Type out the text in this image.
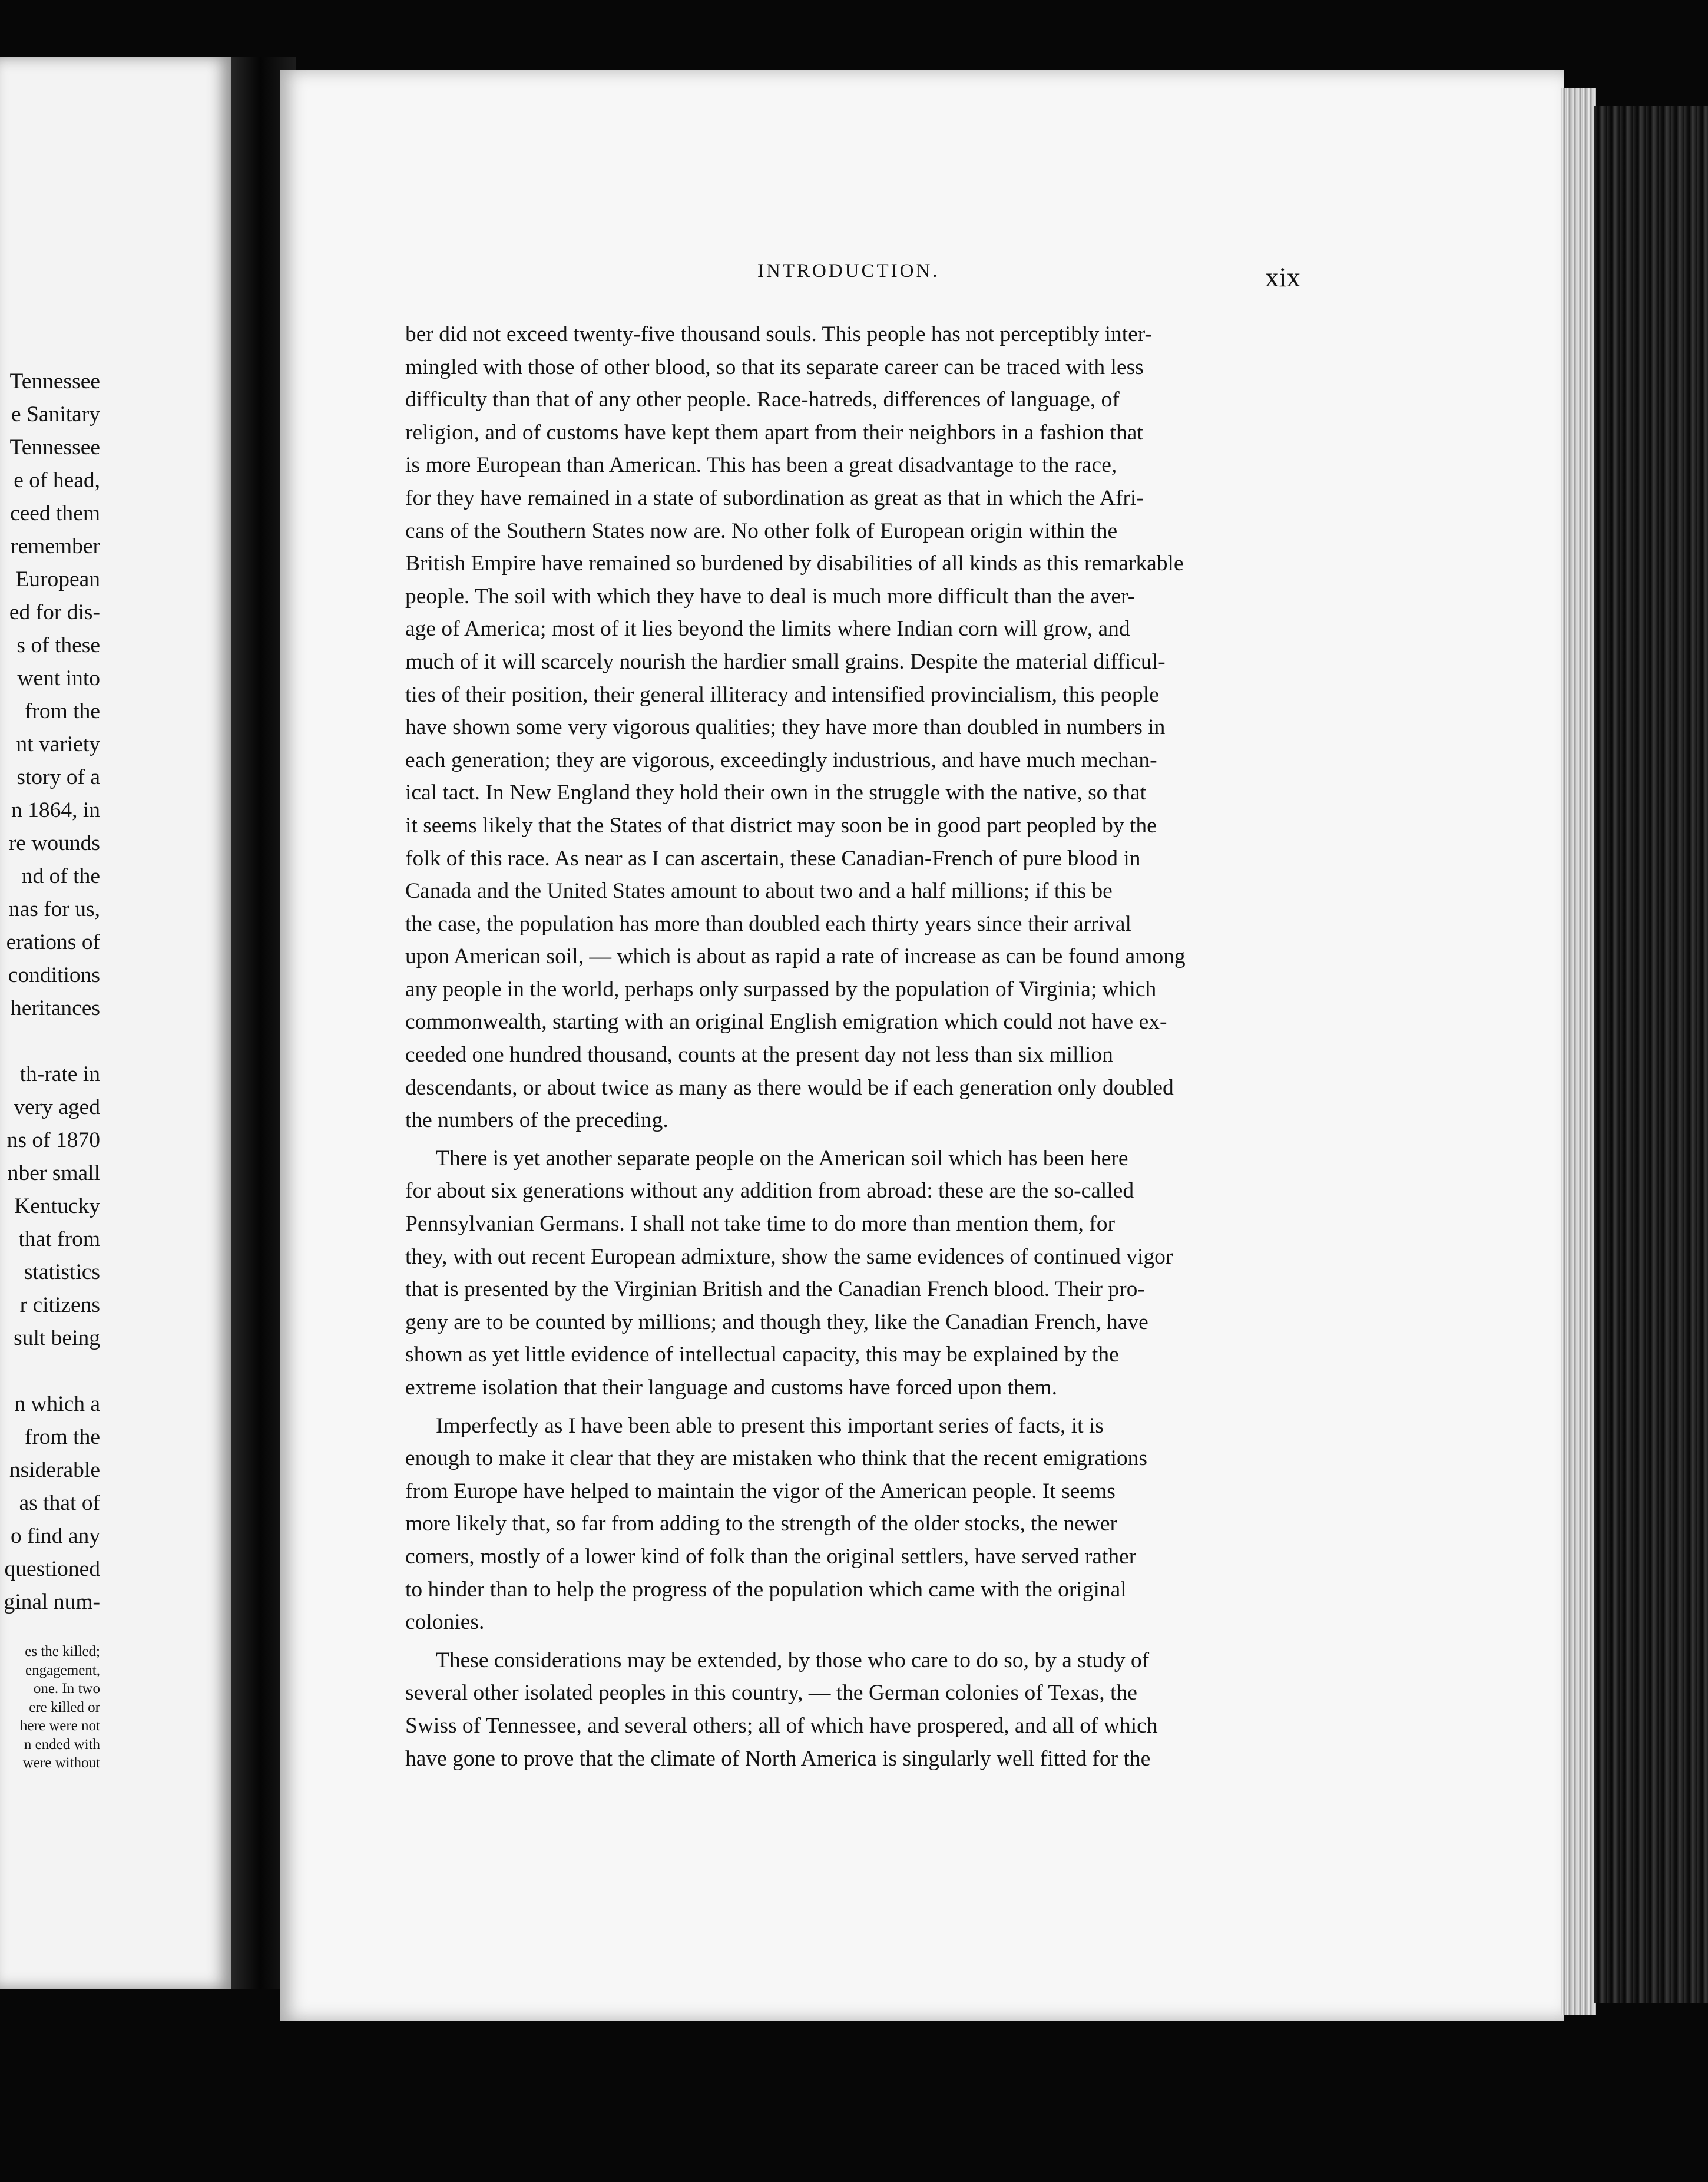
Tennessee
e Sanitary
Tennessee
e of head,
ceed them
remember
European
ed for dis-
s of these
went into
from the
nt variety
story of a
n 1864, in
re wounds
nd of the
nas for us,
erations of
conditions
heritances
th-rate in
very aged
ns of 1870
nber small
Kentucky
that from
statistics
r citizens
sult being
n which a
from the
nsiderable
as that of
o find any
questioned
ginal num-
es the killed;
engagement,
one. In two
ere killed or
here were not
n ended with
were without
INTRODUCTION.	xix
ber did not exceed twenty-five thousand souls. This people has not perceptibly inter-
mingled with those of other blood, so that its separate career can be traced with less
difficulty than that of any other people. Race-hatreds, differences of language, of
religion, and of customs have kept them apart from their neighbors in a fashion that
is more European than American. This has been a great disadvantage to the race,
for they have remained in a state of subordination as great as that in which the Afri-
cans of the Southern States now are. No other folk of European origin within the
British Empire have remained so burdened by disabilities of all kinds as this remarkable
people. The soil with which they have to deal is much more difficult than the aver-
age of America; most of it lies beyond the limits where Indian corn will grow, and
much of it will scarcely nourish the hardier small grains. Despite the material difficul-
ties of their position, their general illiteracy and intensified provincialism, this people
have shown some very vigorous qualities; they have more than doubled in numbers in
each generation; they are vigorous, exceedingly industrious, and have much mechan-
ical tact. In New England they hold their own in the struggle with the native, so that
it seems likely that the States of that district may soon be in good part peopled by the
folk of this race. As near as I can ascertain, these Canadian-French of pure blood in
Canada and the United States amount to about two and a half millions; if this be
the case, the population has more than doubled each thirty years since their arrival
upon American soil, — which is about as rapid a rate of increase as can be found among
any people in the world, perhaps only surpassed by the population of Virginia; which
commonwealth, starting with an original English emigration which could not have ex-
ceeded one hundred thousand, counts at the present day not less than six million
descendants, or about twice as many as there would be if each generation only doubled
the numbers of the preceding.
There is yet another separate people on the American soil which has been here
for about six generations without any addition from abroad: these are the so-called
Pennsylvanian Germans. I shall not take time to do more than mention them, for
they, with out recent European admixture, show the same evidences of continued vigor
that is presented by the Virginian British and the Canadian French blood. Their pro-
geny are to be counted by millions; and though they, like the Canadian French, have
shown as yet little evidence of intellectual capacity, this may be explained by the
extreme isolation that their language and customs have forced upon them.
Imperfectly as I have been able to present this important series of facts, it is
enough to make it clear that they are mistaken who think that the recent emigrations
from Europe have helped to maintain the vigor of the American people. It seems
more likely that, so far from adding to the strength of the older stocks, the newer
comers, mostly of a lower kind of folk than the original settlers, have served rather
to hinder than to help the progress of the population which came with the original
colonies.
These considerations may be extended, by those who care to do so, by a study of
several other isolated peoples in this country, — the German colonies of Texas, the
Swiss of Tennessee, and several others; all of which have prospered, and all of which
have gone to prove that the climate of North America is singularly well fitted for the
